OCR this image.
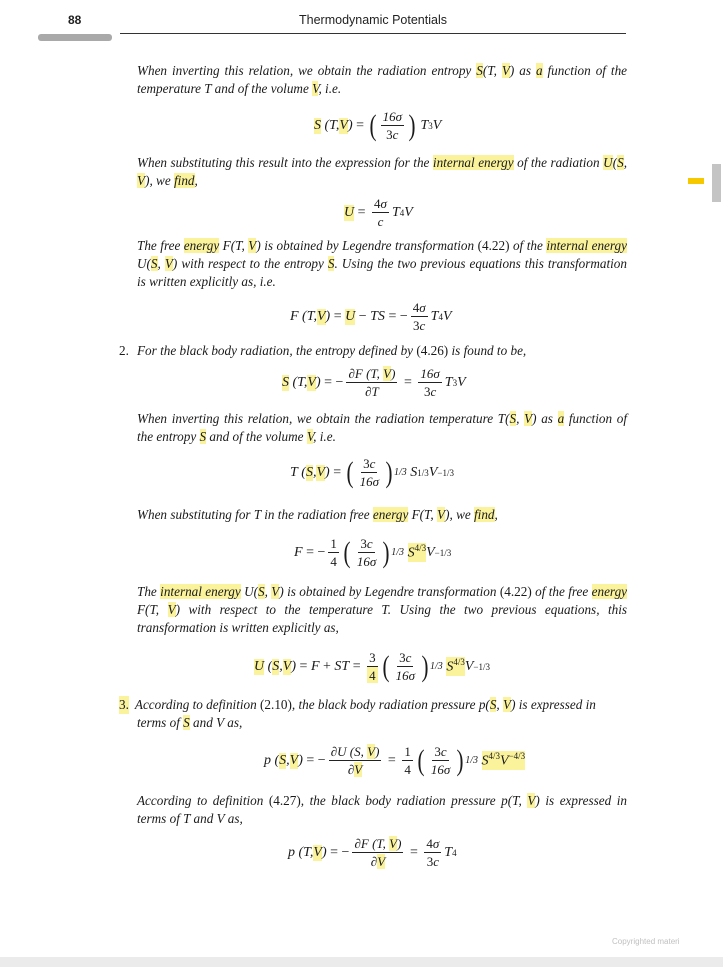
88	Thermodynamic Potentials

When inverting this relation, we obtain the radiation entropy S(T, V) as a function of the temperature T and of the volume V, i.e.

S (T, V ) =
( $\frac{16\sigma}{3c}$ ) T 3 V

When substituting this result into the expression for the internal energy of the radiation U(S, V), we find,

U
=
$\frac{4\sigma}{c}$ T 4 V

The free energy F(T, V) is obtained by Legendre transformation (4.22) of the internal energy U(S, V) with respect to the entropy S. Using the two previous equations this transformation is written explicitly as, i.e.

F (T, V ) =
U − TS = − $\frac{4\sigma}{3c}$ T 4 V

2. For the black body radiation, the entropy defined by (4.26) is found to be,

S (T, V ) = − $\frac{\partial F (T, V)}{\partial T} = \frac{16\sigma}{3c}$ T 3 V

When inverting this relation, we obtain the radiation temperature T(S, V) as a function of the entropy S and of the volume V, i.e.

T ( S , V ) = ( $\frac{3c}{16\sigma}$ ) 1/3 S 1/3 V −1/3

When substituting for T in the radiation free energy F(T, V), we find,

F = − $\frac{1}{4}$ ( $\frac{3c}{16\sigma}$ ) 1/3
$S^{4/3}$ V −1/3

The internal energy U(S, V) is obtained by Legendre transformation (4.22) of the free energy F(T, V) with respect to the temperature T. Using the two previous equations, this transformation is written explicitly as,

U ( S , V ) = F + ST = $\frac{3}{4}$ ( $\frac{3c}{16\sigma}$ ) 1/3
$S^{4/3}$ V −1/3

3. According to definition (2.10), the black body radiation pressure p(S, V) is expressed in
terms of S and V as,

p ( S , V ) = − $\frac{\partial U (S, V)}{\partial V} = \frac{1}{4}$ ( $\frac{3c}{16\sigma}$ ) 1/3
$S^{4/3}V^{-4/3}$

According to definition (4.27), the black body radiation pressure p(T, V) is expressed in terms of T and V as,

p (T, V ) = − $\frac{\partial F (T, V)}{\partial V} = \frac{4\sigma}{3c}$ T 4
Copyrighted materi
